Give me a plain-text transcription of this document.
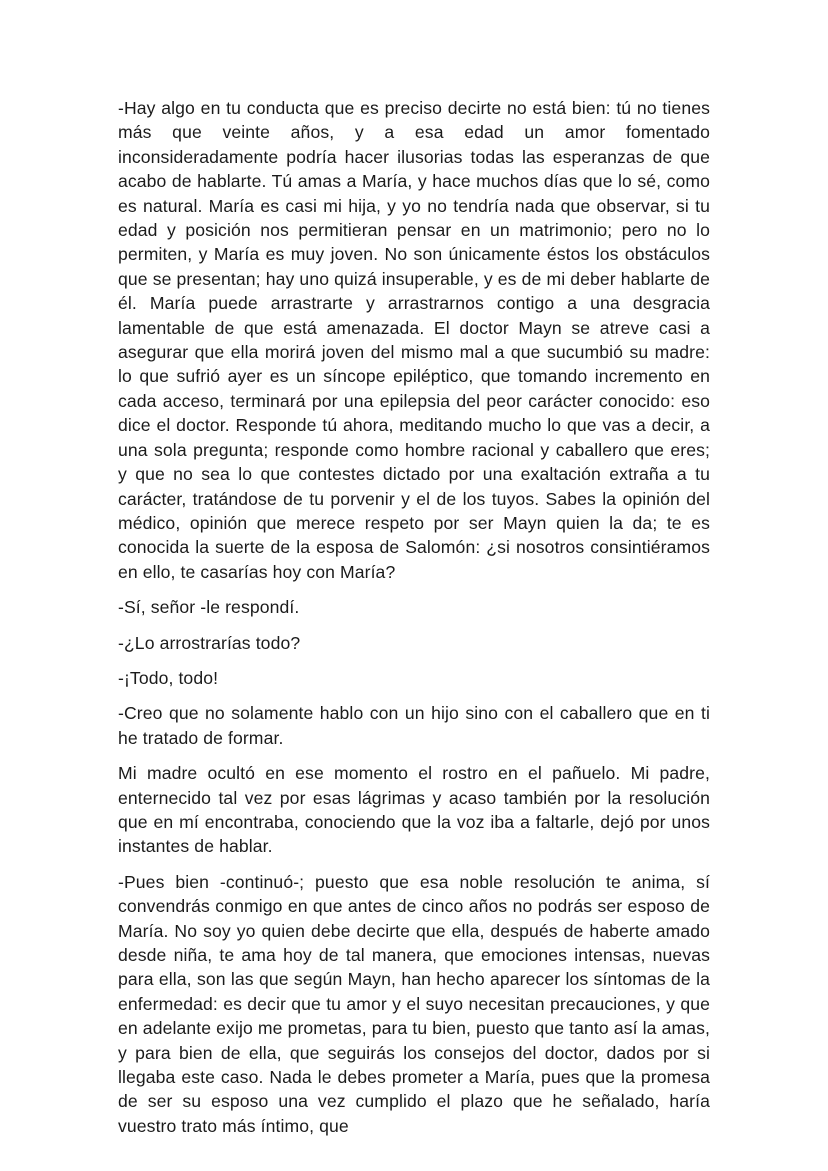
-Hay algo en tu conducta que es preciso decirte no está bien: tú no tienes más que veinte años, y a esa edad un amor fomentado inconsideradamente podría hacer ilusorias todas las esperanzas de que acabo de hablarte. Tú amas a María, y hace muchos días que lo sé, como es natural. María es casi mi hija, y yo no tendría nada que observar, si tu edad y posición nos permitieran pensar en un matrimonio; pero no lo permiten, y María es muy joven. No son únicamente éstos los obstáculos que se presentan; hay uno quizá insuperable, y es de mi deber hablarte de él. María puede arrastrarte y arrastrarnos contigo a una desgracia lamentable de que está amenazada. El doctor Mayn se atreve casi a asegurar que ella morirá joven del mismo mal a que sucumbió su madre: lo que sufrió ayer es un síncope epiléptico, que tomando incremento en cada acceso, terminará por una epilepsia del peor carácter conocido: eso dice el doctor. Responde tú ahora, meditando mucho lo que vas a decir, a una sola pregunta; responde como hombre racional y caballero que eres; y que no sea lo que contestes dictado por una exaltación extraña a tu carácter, tratándose de tu porvenir y el de los tuyos. Sabes la opinión del médico, opinión que merece respeto por ser Mayn quien la da; te es conocida la suerte de la esposa de Salomón: ¿si nosotros consintiéramos en ello, te casarías hoy con María?

-Sí, señor -le respondí.

-¿Lo arrostrarías todo?

-¡Todo, todo!

-Creo que no solamente hablo con un hijo sino con el caballero que en ti he tratado de formar.

Mi madre ocultó en ese momento el rostro en el pañuelo. Mi padre, enternecido tal vez por esas lágrimas y acaso también por la resolución que en mí encontraba, conociendo que la voz iba a faltarle, dejó por unos instantes de hablar.

-Pues bien -continuó-; puesto que esa noble resolución te anima, sí convendrás conmigo en que antes de cinco años no podrás ser esposo de María. No soy yo quien debe decirte que ella, después de haberte amado desde niña, te ama hoy de tal manera, que emociones intensas, nuevas para ella, son las que según Mayn, han hecho aparecer los síntomas de la enfermedad: es decir que tu amor y el suyo necesitan precauciones, y que en adelante exijo me prometas, para tu bien, puesto que tanto así la amas, y para bien de ella, que seguirás los consejos del doctor, dados por si llegaba este caso. Nada le debes prometer a María, pues que la promesa de ser su esposo una vez cumplido el plazo que he señalado, haría vuestro trato más íntimo, que
